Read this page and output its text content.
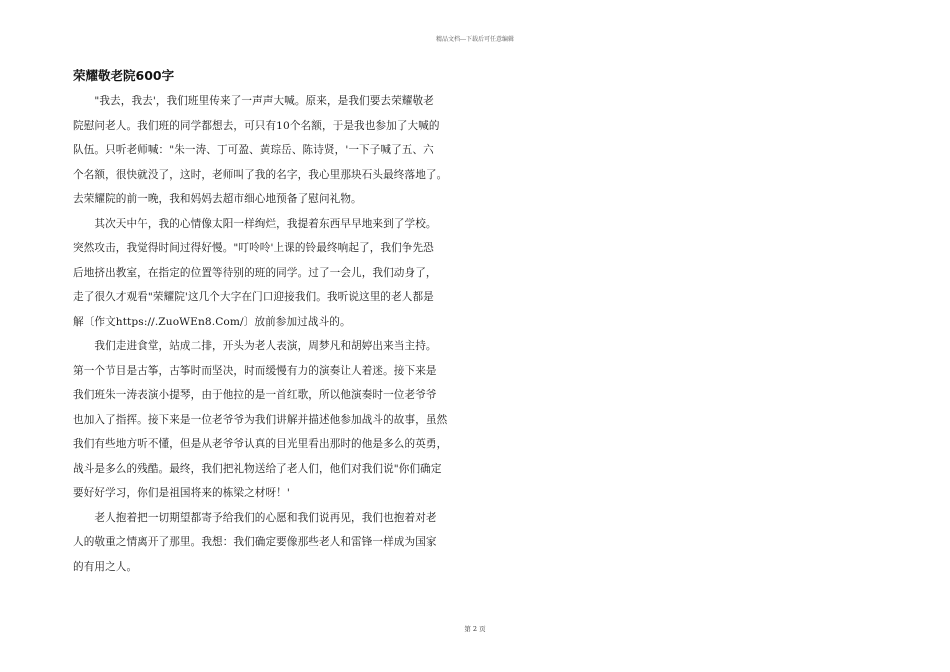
精品文档---下载后可任意编辑
荣耀敬老院600字
　　"我去，我去'，我们班里传来了一声声大喊。原来，是我们要去荣耀敬老
院慰问老人。我们班的同学都想去，可只有10个名额，于是我也参加了大喊的
队伍。只听老师喊："朱一涛、丁可盈、黄琮岳、陈诗贤，'一下子喊了五、六
个名额，很快就没了，这时，老师叫了我的名字，我心里那块石头最终落地了。
去荣耀院的前一晚，我和妈妈去超市细心地预备了慰问礼物。
　　其次天中午，我的心情像太阳一样绚烂，我提着东西早早地来到了学校。
突然攻击，我觉得时间过得好慢。"叮呤呤'上课的铃最终响起了，我们争先恐
后地挤出教室，在指定的位置等待别的班的同学。过了一会儿，我们动身了，
走了很久才观看"荣耀院'这几个大字在门口迎接我们。我听说这里的老人都是
解〔作文https://.ZuoWEn8.Com/〕放前参加过战斗的。
　　我们走进食堂，站成二排，开头为老人表演，周梦凡和胡婷出来当主持。
第一个节目是古筝，古筝时而坚决，时而缓慢有力的演奏让人着迷。接下来是
我们班朱一涛表演小提琴，由于他拉的是一首红歌，所以他演奏时一位老爷爷
也加入了指挥。接下来是一位老爷爷为我们讲解并描述他参加战斗的故事，虽然
我们有些地方听不懂，但是从老爷爷认真的目光里看出那时的他是多么的英勇，
战斗是多么的残酷。最终，我们把礼物送给了老人们，他们对我们说"你们确定
要好好学习，你们是祖国将来的栋梁之材呀！'
　　老人抱着把一切期望都寄予给我们的心愿和我们说再见，我们也抱着对老
人的敬重之情离开了那里。我想：我们确定要像那些老人和雷锋一样成为国家
的有用之人。
第 2 页
